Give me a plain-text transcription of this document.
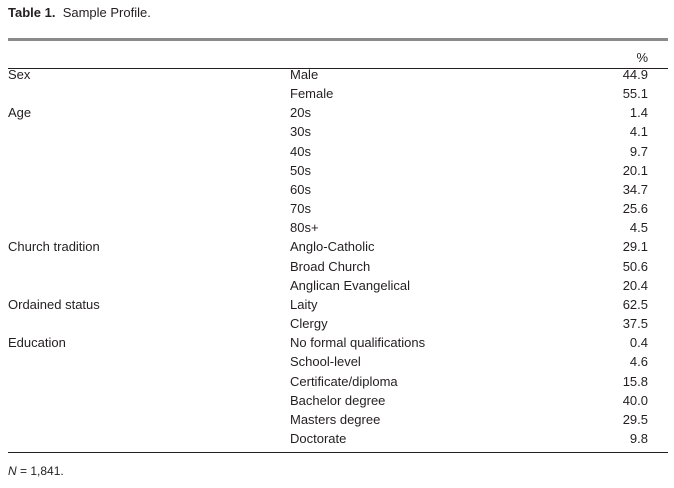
Table 1. Sample Profile.
%
Sex	Male	44.9
Female	55.1
Age	20s	1.4
30s	4.1
40s	9.7
50s	20.1
60s	34.7
70s	25.6
80s+	4.5
Church tradition	Anglo-Catholic	29.1
Broad Church	50.6
Anglican Evangelical	20.4
Ordained status	Laity	62.5
Clergy	37.5
Education	No formal qualifications	0.4
School-level	4.6
Certificate/diploma	15.8
Bachelor degree	40.0
Masters degree	29.5
Doctorate	9.8
N = 1,841.
